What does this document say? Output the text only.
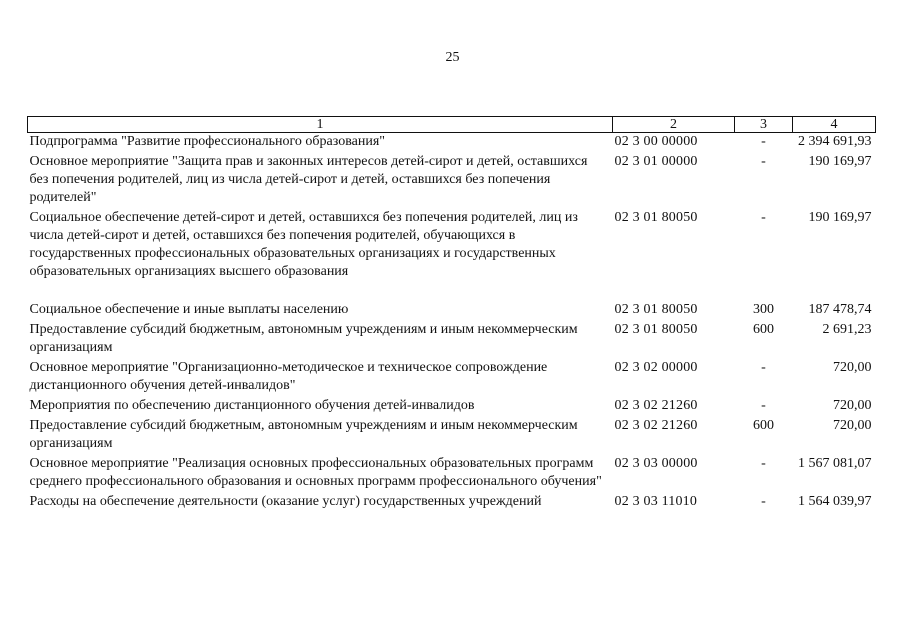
25
1	2	3	4
Подпрограмма "Развитие профессионального образования"	02 3 00 00000	-	2 394 691,93
Основное мероприятие "Защита прав и законных интересов детей-сирот и детей, оставшихся без попечения родителей, лиц из числа детей-сирот и детей, оставшихся без попечения родителей"	02 3 01 00000	-	190 169,97
Социальное обеспечение детей-сирот и детей, оставшихся без попечения родителей, лиц из числа детей-сирот и детей, оставшихся без попечения родителей, обучающихся в государственных профессиональных образовательных организациях и государственных образовательных организациях высшего образования	02 3 01 80050	-	190 169,97
Социальное обеспечение и иные выплаты населению	02 3 01 80050	300	187 478,74
Предоставление субсидий бюджетным, автономным учреждениям и иным некоммерческим организациям	02 3 01 80050	600	2 691,23
Основное мероприятие "Организационно-методическое и техническое сопровождение дистанционного обучения детей-инвалидов"	02 3 02 00000	-	720,00
Мероприятия по обеспечению дистанционного обучения детей-инвалидов	02 3 02 21260	-	720,00
Предоставление субсидий бюджетным, автономным учреждениям и иным некоммерческим организациям	02 3 02 21260	600	720,00
Основное мероприятие "Реализация основных профессиональных образовательных программ среднего профессионального образования и основных программ профессионального обучения"	02 3 03 00000	-	1 567 081,07
Расходы на обеспечение деятельности (оказание услуг) государственных учреждений	02 3 03 11010	-	1 564 039,97
